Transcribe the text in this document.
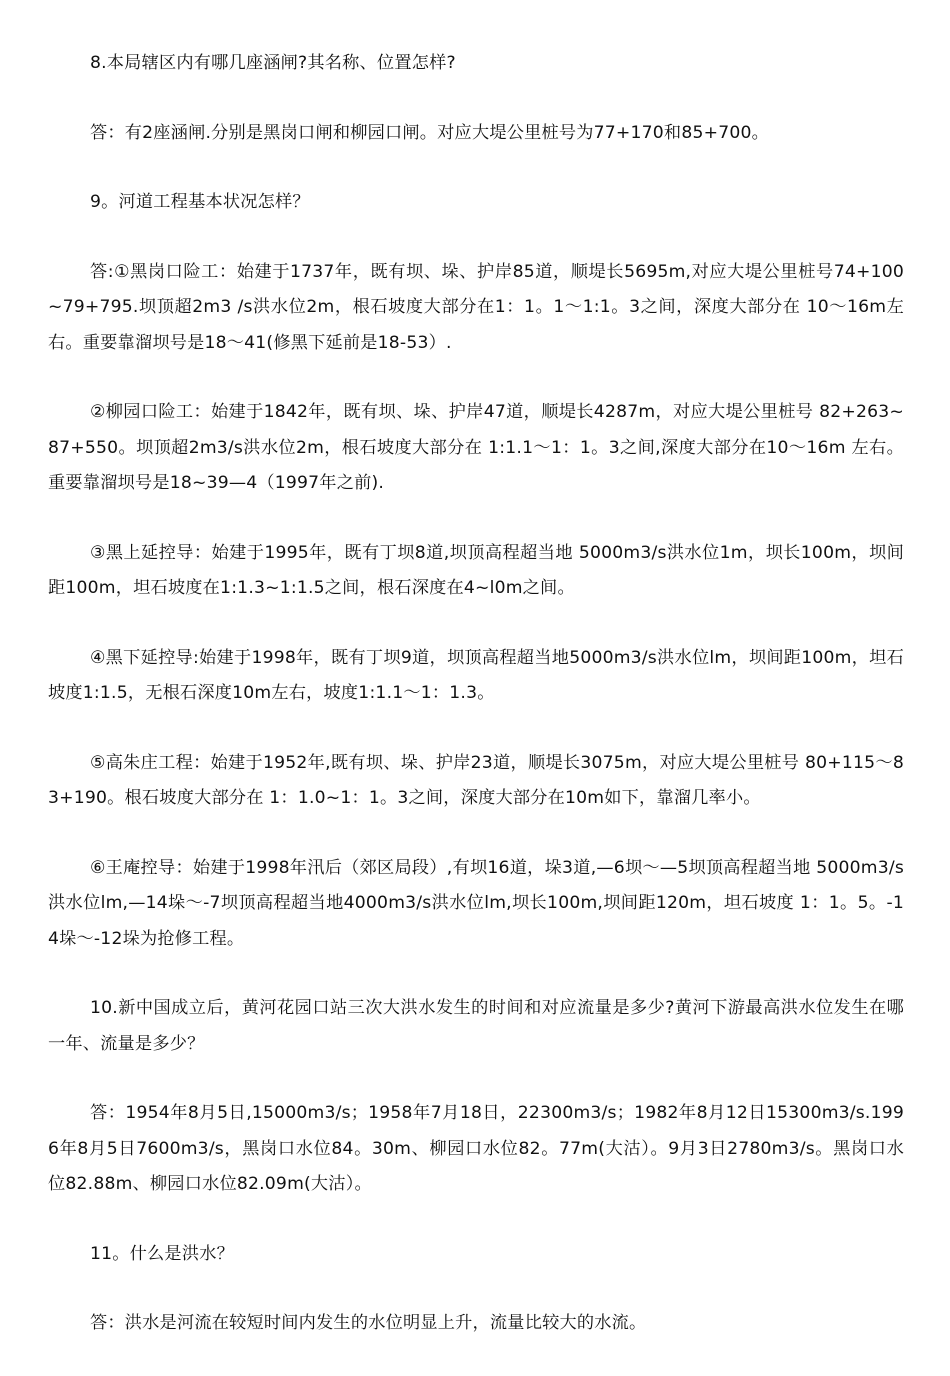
8.本局辖区内有哪几座涵闸?其名称、位置怎样?

答：有2座涵闸.分别是黑岗口闸和柳园口闸。对应大堤公里桩号为77+170和85+700。

9。河道工程基本状况怎样？

答:①黑岗口险工：始建于1737年，既有坝、垛、护岸85道，顺堤长5695m,对应大堤公里桩号74+100~79+795.坝顶超2m3 /s洪水位2m，根石坡度大部分在1：1。1～1:1。3之间，深度大部分在 10～16m左右。重要靠溜坝号是18～41(修黑下延前是18-53）.

②柳园口险工：始建于1842年，既有坝、垛、护岸47道，顺堤长4287m，对应大堤公里桩号 82+263~87+550。坝顶超2m3/s洪水位2m，根石坡度大部分在 1:1.1～1：1。3之间,深度大部分在10～16m 左右。重要靠溜坝号是18~39—4（1997年之前).

③黑上延控导：始建于1995年，既有丁坝8道,坝顶高程超当地 5000m3/s洪水位1m，坝长100m，坝间距100m，坦石坡度在1:1.3~1:1.5之间，根石深度在4~l0m之间。

④黑下延控导:始建于1998年，既有丁坝9道，坝顶高程超当地5000m3/s洪水位lm，坝间距100m，坦石坡度1:1.5，无根石深度10m左右，坡度1:1.1～1：1.3。

⑤高朱庄工程：始建于1952年,既有坝、垛、护岸23道，顺堤长3075m，对应大堤公里桩号 80+115～83+190。根石坡度大部分在 1：1.0~1：1。3之间，深度大部分在10m如下，靠溜几率小。

⑥王庵控导：始建于1998年汛后（郊区局段）,有坝16道，垛3道,—6坝～—5坝顶高程超当地 5000m3/s洪水位lm,—14垛～-7坝顶高程超当地4000m3/s洪水位lm,坝长100m,坝间距120m，坦石坡度 1：1。5。-14垛～-12垛为抢修工程。

10.新中国成立后，黄河花园口站三次大洪水发生的时间和对应流量是多少?黄河下游最高洪水位发生在哪一年、流量是多少？

答：1954年8月5日,15000m3/s；1958年7月18日，22300m3/s；1982年8月12日15300m3/s.1996年8月5日7600m3/s，黑岗口水位84。30m、柳园口水位82。77m(大沽）。9月3日2780m3/s。黑岗口水位82.88m、柳园口水位82.09m(大沽）。

11。什么是洪水？

答：洪水是河流在较短时间内发生的水位明显上升，流量比较大的水流。
